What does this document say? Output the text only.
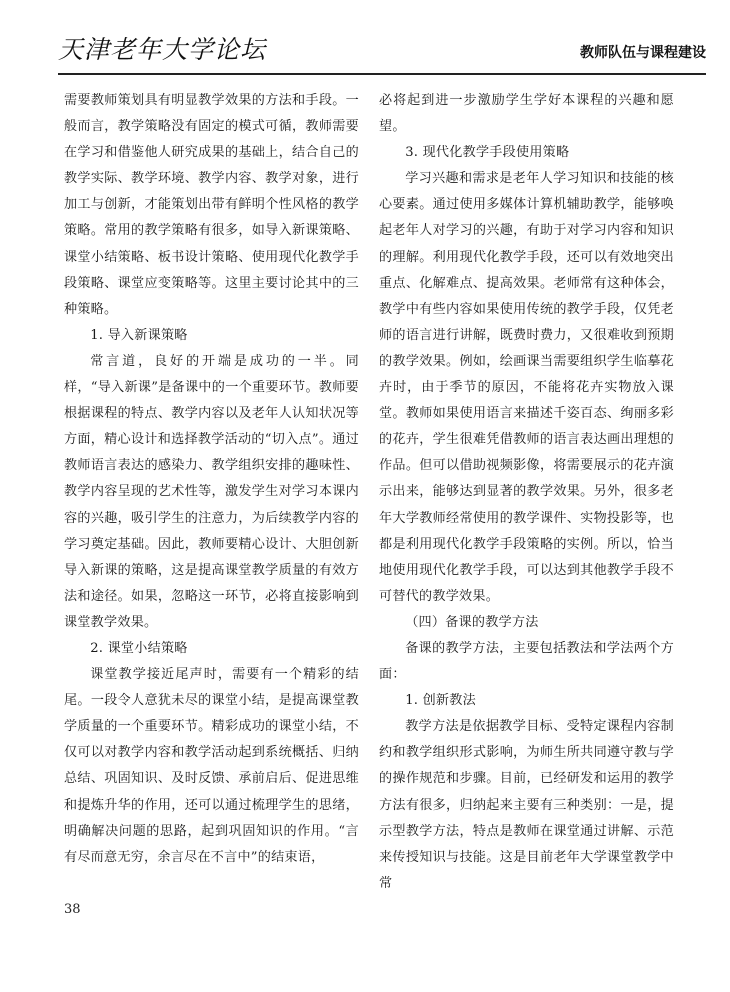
天津老年大学论坛	教师队伍与课程建设

需要教师策划具有明显教学效果的方法和手段。一般而言，教学策略没有固定的模式可循，教师需要在学习和借鉴他人研究成果的基础上，结合自己的教学实际、教学环境、教学内容、教学对象，进行加工与创新，才能策划出带有鲜明个性风格的教学策略。常用的教学策略有很多，如导入新课策略、课堂小结策略、板书设计策略、使用现代化教学手段策略、课堂应变策略等。这里主要讨论其中的三种策略。

1. 导入新课策略

常言道，良好的开端是成功的一半。同样，“导入新课”是备课中的一个重要环节。教师要根据课程的特点、教学内容以及老年人认知状况等方面，精心设计和选择教学活动的“切入点”。通过教师语言表达的感染力、教学组织安排的趣味性、教学内容呈现的艺术性等，激发学生对学习本课内容的兴趣，吸引学生的注意力，为后续教学内容的学习奠定基础。因此，教师要精心设计、大胆创新导入新课的策略，这是提高课堂教学质量的有效方法和途径。如果，忽略这一环节，必将直接影响到课堂教学效果。

2. 课堂小结策略

课堂教学接近尾声时，需要有一个精彩的结尾。一段令人意犹未尽的课堂小结，是提高课堂教学质量的一个重要环节。精彩成功的课堂小结，不仅可以对教学内容和教学活动起到系统概括、归纳总结、巩固知识、及时反馈、承前启后、促进思维和提炼升华的作用，还可以通过梳理学生的思绪，明确解决问题的思路，起到巩固知识的作用。“言有尽而意无穷，余言尽在不言中”的结束语，

必将起到进一步激励学生学好本课程的兴趣和愿望。

3. 现代化教学手段使用策略

学习兴趣和需求是老年人学习知识和技能的核心要素。通过使用多媒体计算机辅助教学，能够唤起老年人对学习的兴趣，有助于对学习内容和知识的理解。利用现代化教学手段，还可以有效地突出重点、化解难点、提高效果。老师常有这种体会，教学中有些内容如果使用传统的教学手段，仅凭老师的语言进行讲解，既费时费力，又很难收到预期的教学效果。例如，绘画课当需要组织学生临摹花卉时，由于季节的原因，不能将花卉实物放入课堂。教师如果使用语言来描述千姿百态、绚丽多彩的花卉，学生很难凭借教师的语言表达画出理想的作品。但可以借助视频影像，将需要展示的花卉演示出来，能够达到显著的教学效果。另外，很多老年大学教师经常使用的教学课件、实物投影等，也都是利用现代化教学手段策略的实例。所以，恰当地使用现代化教学手段，可以达到其他教学手段不可替代的教学效果。

（四）备课的教学方法

备课的教学方法，主要包括教法和学法两个方面：

1. 创新教法

教学方法是依据教学目标、受特定课程内容制约和教学组织形式影响，为师生所共同遵守教与学的操作规范和步骤。目前，已经研发和运用的教学方法有很多，归纳起来主要有三种类别：一是，提示型教学方法，特点是教师在课堂通过讲解、示范来传授知识与技能。这是目前老年大学课堂教学中常

38
